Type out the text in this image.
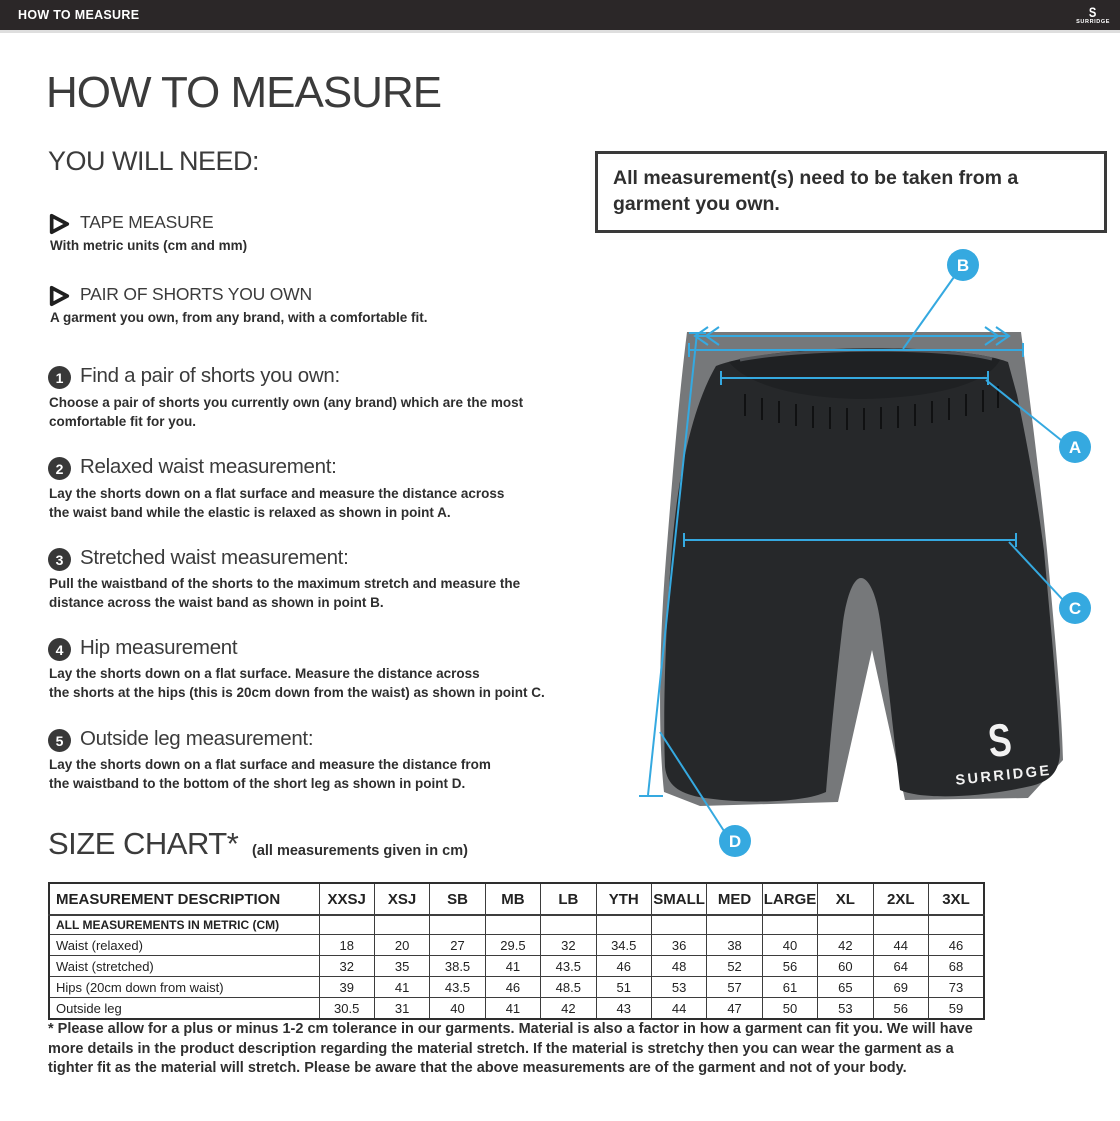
HOW TO MEASURE	S
SURRIDGE
HOW TO MEASURE
YOU WILL NEED:
TAPE MEASURE
With metric units (cm and mm)
PAIR OF SHORTS YOU OWN
A garment you own, from any brand, with a comfortable fit.
1 Find a pair of shorts you own:
Choose a pair of shorts you currently own (any brand) which are the most
comfortable fit for you.
2 Relaxed waist measurement:
Lay the shorts down on a flat surface and measure the distance across
the waist band while the elastic is relaxed as shown in point A.
3 Stretched waist measurement:
Pull the waistband of the shorts to the maximum stretch and measure the
distance across the waist band as shown in point B.
4 Hip measurement
Lay the shorts down on a flat surface. Measure the distance across
the shorts at the hips (this is 20cm down from the waist) as shown in point C.
5 Outside leg measurement:
Lay the shorts down on a flat surface and measure the distance from
the waistband to the bottom of the short leg as shown in point D.
All measurement(s) need to be taken from a garment you own.
S
SURRIDGE
B
A
C
D
SIZE CHART* (all measurements given in cm)
MEASUREMENT DESCRIPTION	XXSJ	XSJ	SB	MB	LB	YTH	SMALL	MED	LARGE	XL	2XL	3XL
ALL MEASUREMENTS IN METRIC (CM)												
Waist (relaxed)	18	20	27	29.5	32	34.5	36	38	40	42	44	46
Waist (stretched)	32	35	38.5	41	43.5	46	48	52	56	60	64	68
Hips (20cm down from waist)	39	41	43.5	46	48.5	51	53	57	61	65	69	73
Outside leg	30.5	31	40	41	42	43	44	47	50	53	56	59
* Please allow for a plus or minus 1-2 cm tolerance in our garments. Material is also a factor in how a garment can fit you. We will have
more details in the product description regarding the material stretch. If the material is stretchy then you can wear the garment as a
tighter fit as the material will stretch. Please be aware that the above measurements are of the garment and not of your body.
